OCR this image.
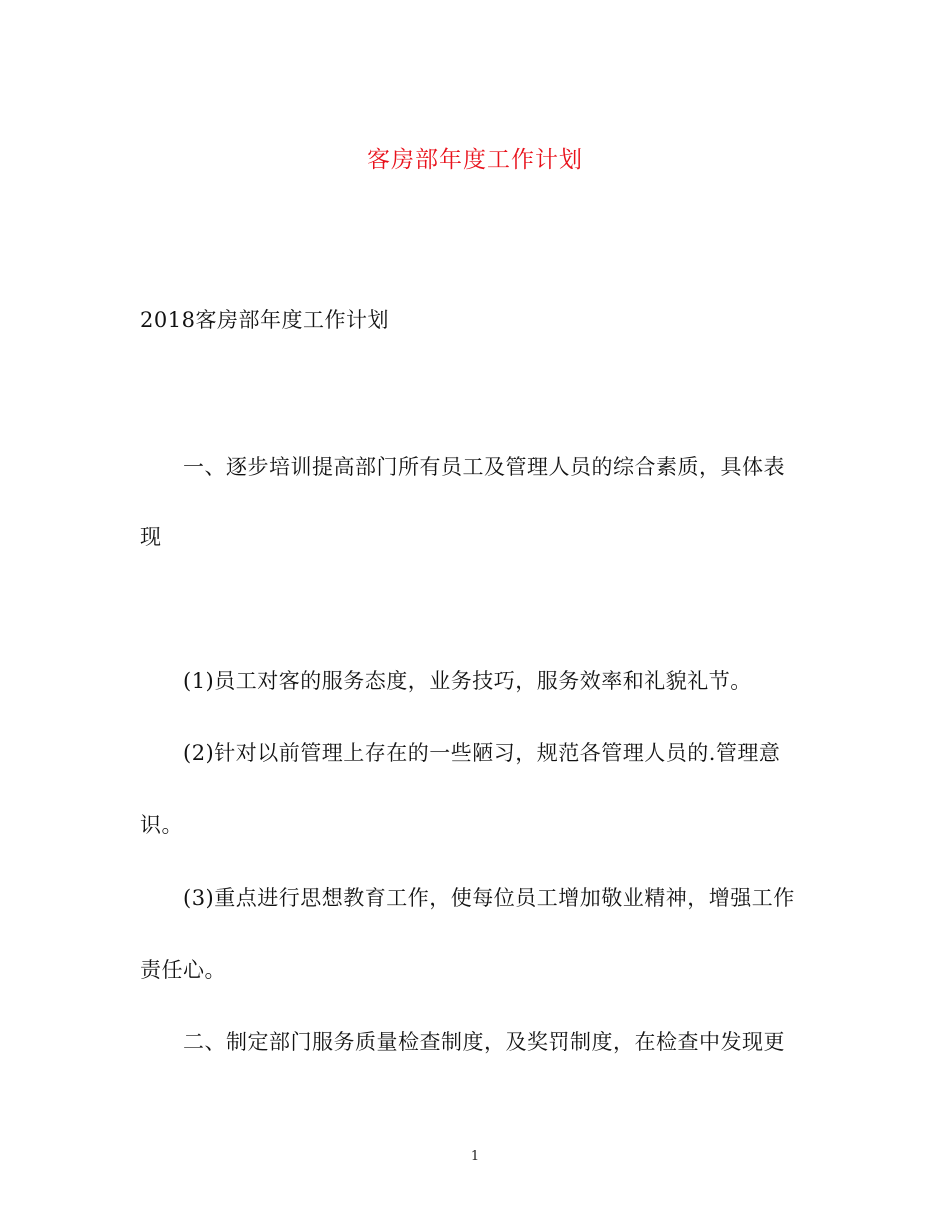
客房部年度工作计划

2018客房部年度工作计划

一、逐步培训提高部门所有员工及管理人员的综合素质，具体表

现

(1)员工对客的服务态度，业务技巧，服务效率和礼貌礼节。

(2)针对以前管理上存在的一些陋习，规范各管理人员的.管理意

识。

(3)重点进行思想教育工作，使每位员工增加敬业精神，增强工作

责任心。

二、制定部门服务质量检查制度，及奖罚制度，在检查中发现更

1
